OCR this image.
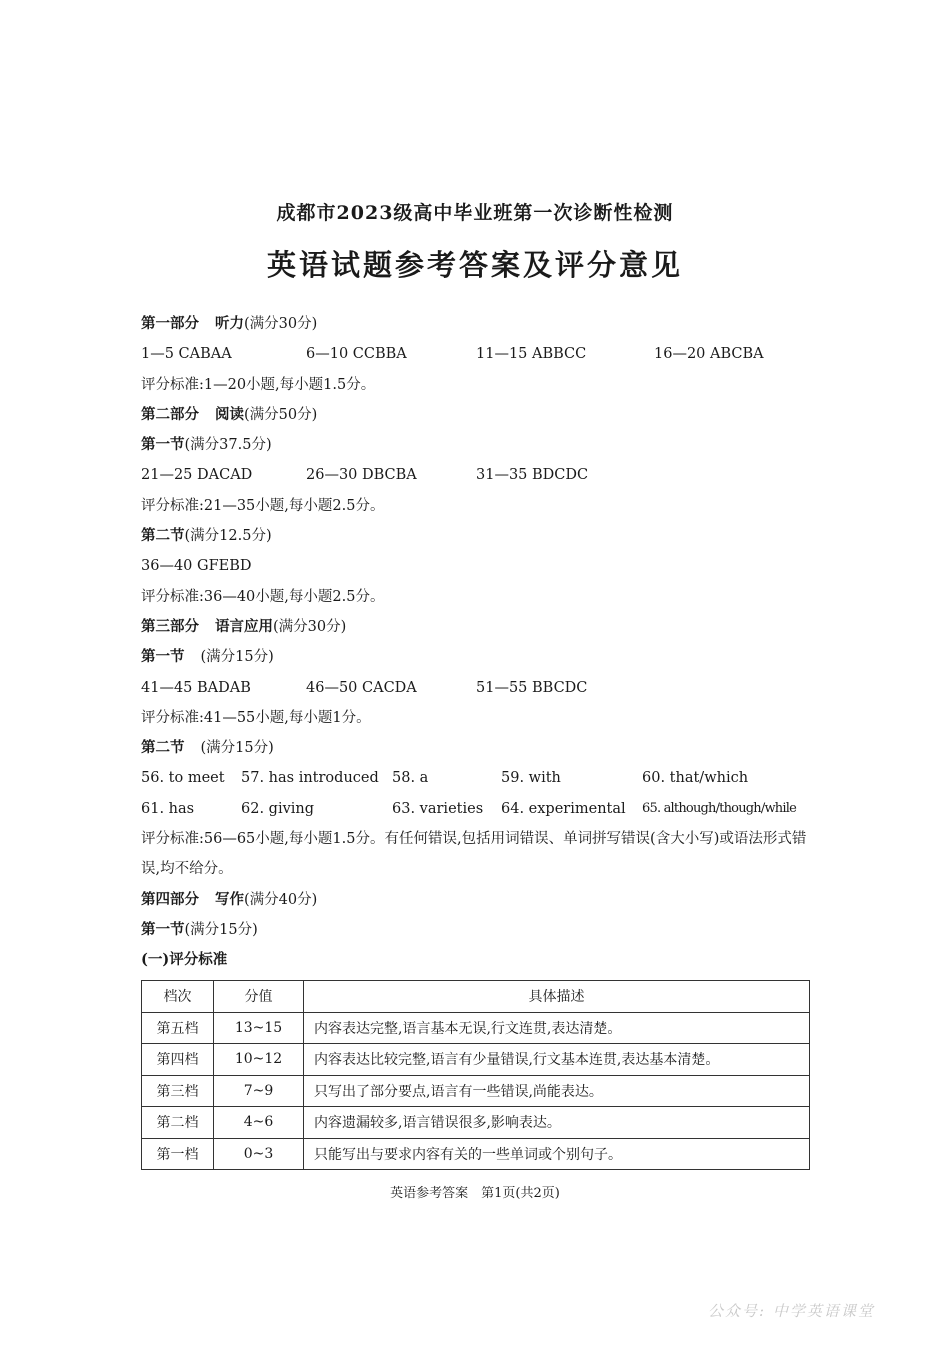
成都市2023级高中毕业班第一次诊断性检测
英语试题参考答案及评分意见
第一部分 听力(满分30分)
1—5 CABAA	6—10 CCBBA	11—15 ABBCC	16—20 ABCBA
评分标准:1—20小题,每小题1.5分。
第二部分 阅读(满分50分)
第一节(满分37.5分)
21—25 DACAD	26—30 DBCBA	31—35 BDCDC
评分标准:21—35小题,每小题2.5分。
第二节(满分12.5分)
36—40 GFEBD
评分标准:36—40小题,每小题2.5分。
第三部分 语言应用(满分30分)
第一节 (满分15分)
41—45 BADAB	46—50 CACDA	51—55 BBCDC
评分标准:41—55小题,每小题1分。
第二节 (满分15分)
56. to meet 57. has introduced 58. a	59. with	60. that/which
61. has	62. giving	63. varieties 64. experimental 65. although/though/while
评分标准:56—65小题,每小题1.5分。有任何错误,包括用词错误、单词拼写错误(含大小写)或语法形式错误,均不给分。
第四部分 写作(满分40分)
第一节(满分15分)
(一)评分标准
档次	分值	具体描述
第五档	13~15	内容表达完整,语言基本无误,行文连贯,表达清楚。
第四档	10~12	内容表达比较完整,语言有少量错误,行文基本连贯,表达基本清楚。
第三档	7~9	只写出了部分要点,语言有一些错误,尚能表达。
第二档	4~6	内容遗漏较多,语言错误很多,影响表达。
第一档	0~3	只能写出与要求内容有关的一些单词或个别句子。
英语参考答案　第1页(共2页)
公众号: 中学英语课堂
